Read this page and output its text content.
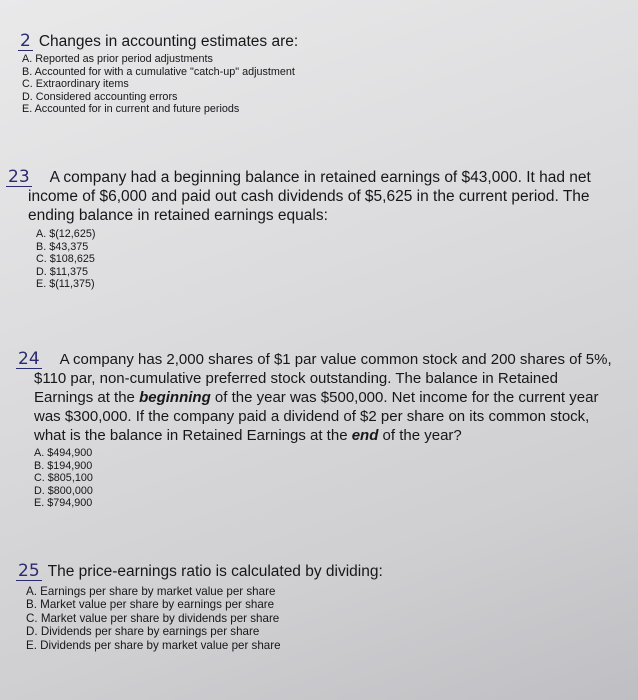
2 Changes in accounting estimates are:
A. Reported as prior period adjustments
B. Accounted for with a cumulative "catch-up" adjustment
C. Extraordinary items
D. Considered accounting errors
E. Accounted for in current and future periods
23 A company had a beginning balance in retained earnings of $43,000. It had net
income of $6,000 and paid out cash dividends of $5,625 in the current period. The
ending balance in retained earnings equals:
A. $(12,625)
B. $43,375
C. $108,625
D. $11,375
E. $(11,375)
24 A company has 2,000 shares of $1 par value common stock and 200 shares of 5%,
$110 par, non-cumulative preferred stock outstanding. The balance in Retained
Earnings at the beginning of the year was $500,000. Net income for the current year
was $300,000. If the company paid a dividend of $2 per share on its common stock,
what is the balance in Retained Earnings at the end of the year?
A. $494,900
B. $194,900
C. $805,100
D. $800,000
E. $794,900
25 The price-earnings ratio is calculated by dividing:
A. Earnings per share by market value per share
B. Market value per share by earnings per share
C. Market value per share by dividends per share
D. Dividends per share by earnings per share
E. Dividends per share by market value per share
